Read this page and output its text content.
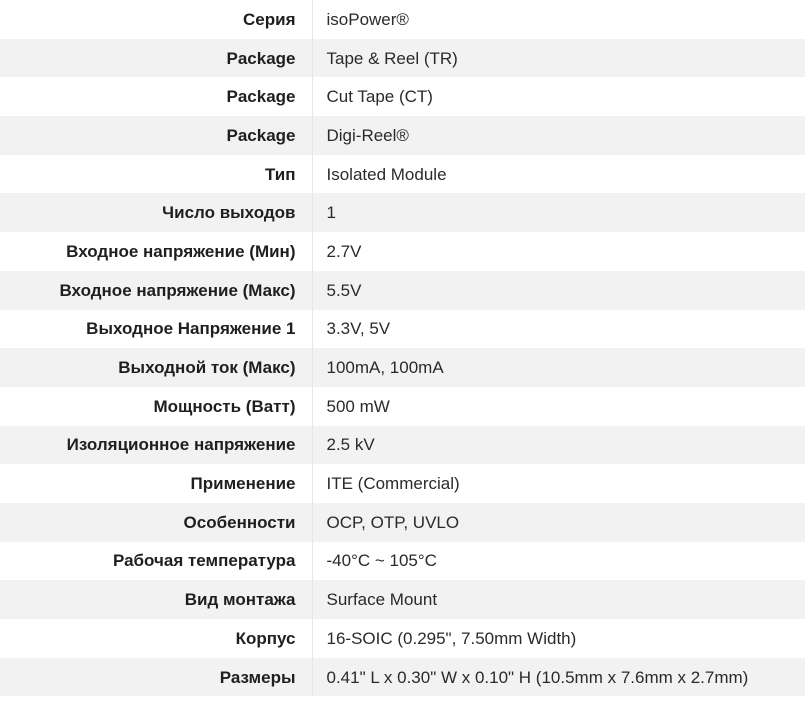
Серия	isoPower®
Package	Tape & Reel (TR)
Package	Cut Tape (CT)
Package	Digi-Reel®
Тип	Isolated Module
Число выходов	1
Входное напряжение (Мин)	2.7V
Входное напряжение (Макс)	5.5V
Выходное Напряжение 1	3.3V, 5V
Выходной ток (Макс)	100mA, 100mA
Мощность (Ватт)	500 mW
Изоляционное напряжение	2.5 kV
Применение	ITE (Commercial)
Особенности	OCP, OTP, UVLO
Рабочая температура	-40°C ~ 105°C
Вид монтажа	Surface Mount
Корпус	16-SOIC (0.295", 7.50mm Width)
Размеры	0.41" L x 0.30" W x 0.10" H (10.5mm x 7.6mm x 2.7mm)
